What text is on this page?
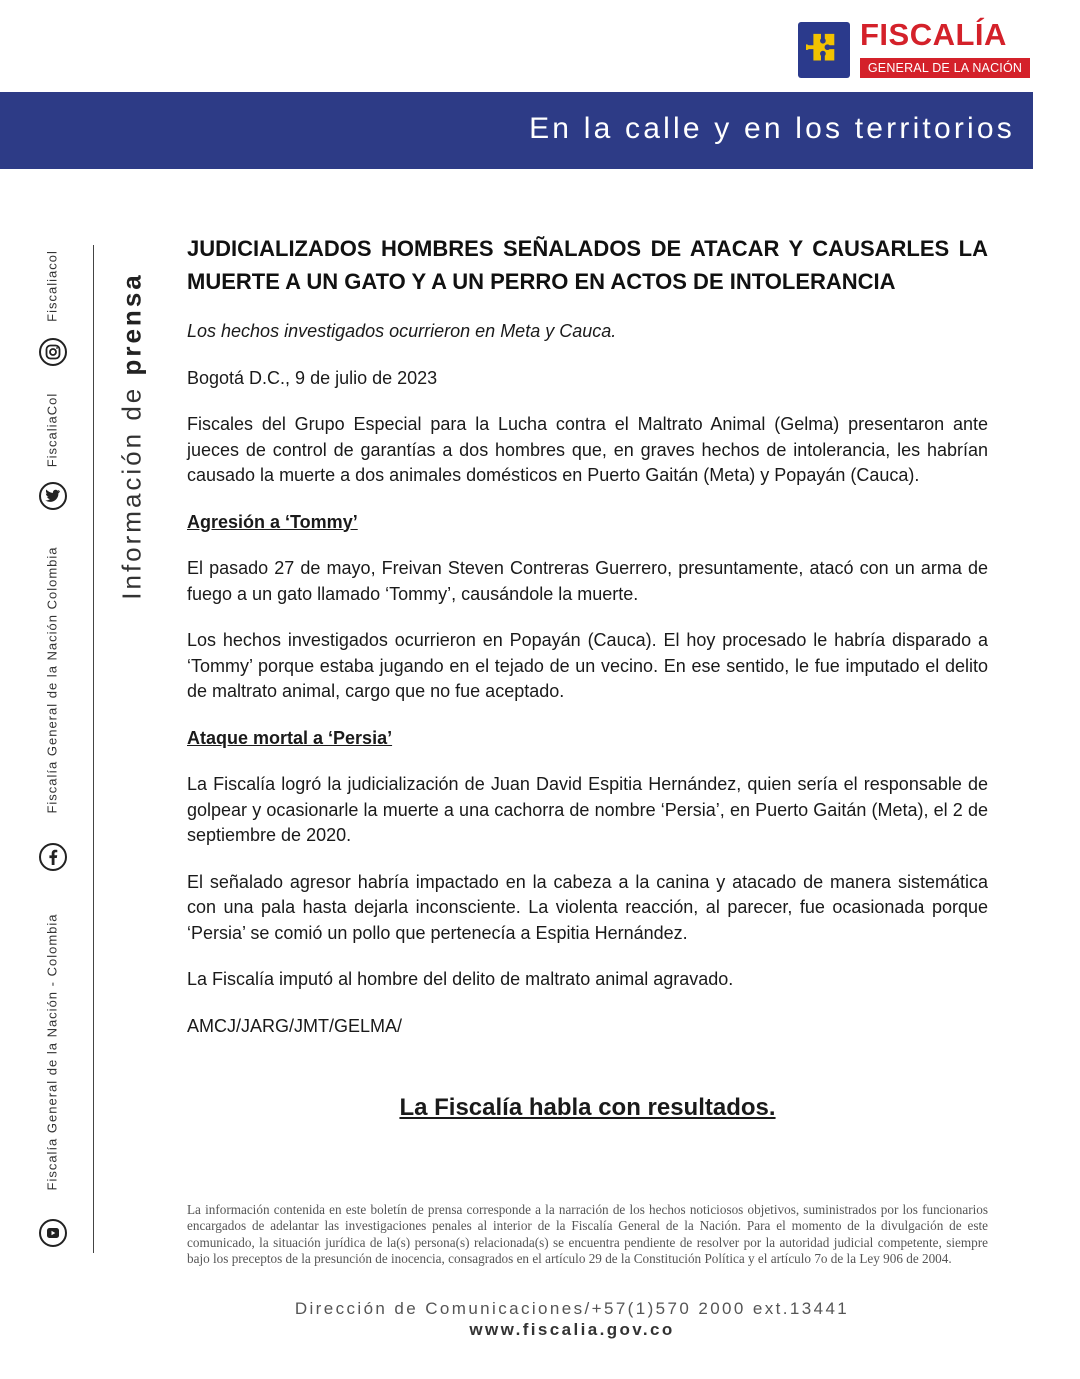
FISCALÍA
GENERAL DE LA NACIÓN
En la calle y en los territorios
Información de prensa
Fiscaliacol
FiscaliaCol
Fiscalía General de la Nación Colombia
Fiscalía General de la Nación - Colombia
JUDICIALIZADOS HOMBRES SEÑALADOS DE ATACAR Y CAUSARLES LA MUERTE A UN GATO Y A UN PERRO EN ACTOS DE INTOLERANCIA

Los hechos investigados ocurrieron en Meta y Cauca.

Bogotá D.C., 9 de julio de 2023

Fiscales del Grupo Especial para la Lucha contra el Maltrato Animal (Gelma) presentaron ante jueces de control de garantías a dos hombres que, en graves hechos de intolerancia, les habrían causado la muerte a dos animales domésticos en Puerto Gaitán (Meta) y Popayán (Cauca).

Agresión a ‘Tommy’

El pasado 27 de mayo, Freivan Steven Contreras Guerrero, presuntamente, atacó con un arma de fuego a un gato llamado ‘Tommy’, causándole la muerte.

Los hechos investigados ocurrieron en Popayán (Cauca). El hoy procesado le habría disparado a ‘Tommy’ porque estaba jugando en el tejado de un vecino. En ese sentido, le fue imputado el delito de maltrato animal, cargo que no fue aceptado.

Ataque mortal a ‘Persia’

La Fiscalía logró la judicialización de Juan David Espitia Hernández, quien sería el responsable de golpear y ocasionarle la muerte a una cachorra de nombre ‘Persia’, en Puerto Gaitán (Meta), el 2 de septiembre de 2020.

El señalado agresor habría impactado en la cabeza a la canina y atacado de manera sistemática con una pala hasta dejarla inconsciente. La violenta reacción, al parecer, fue ocasionada porque ‘Persia’ se comió un pollo que pertenecía a Espitia Hernández.

La Fiscalía imputó al hombre del delito de maltrato animal agravado.

AMCJ/JARG/JMT/GELMA/

La Fiscalía habla con resultados.

La información contenida en este boletín de prensa corresponde a la narración de los hechos noticiosos objetivos, suministrados por los funcionarios encargados de adelantar las investigaciones penales al interior de la Fiscalía General de la Nación. Para el momento de la divulgación de este comunicado, la situación jurídica de la(s) persona(s) relacionada(s) se encuentra pendiente de resolver por la autoridad judicial competente, siempre bajo los preceptos de la presunción de inocencia, consagrados en el artículo 29 de la Constitución Política y el artículo 7o de la Ley 906 de 2004.

Dirección de Comunicaciones/+57(1)570 2000 ext.13441
www.fiscalia.gov.co
